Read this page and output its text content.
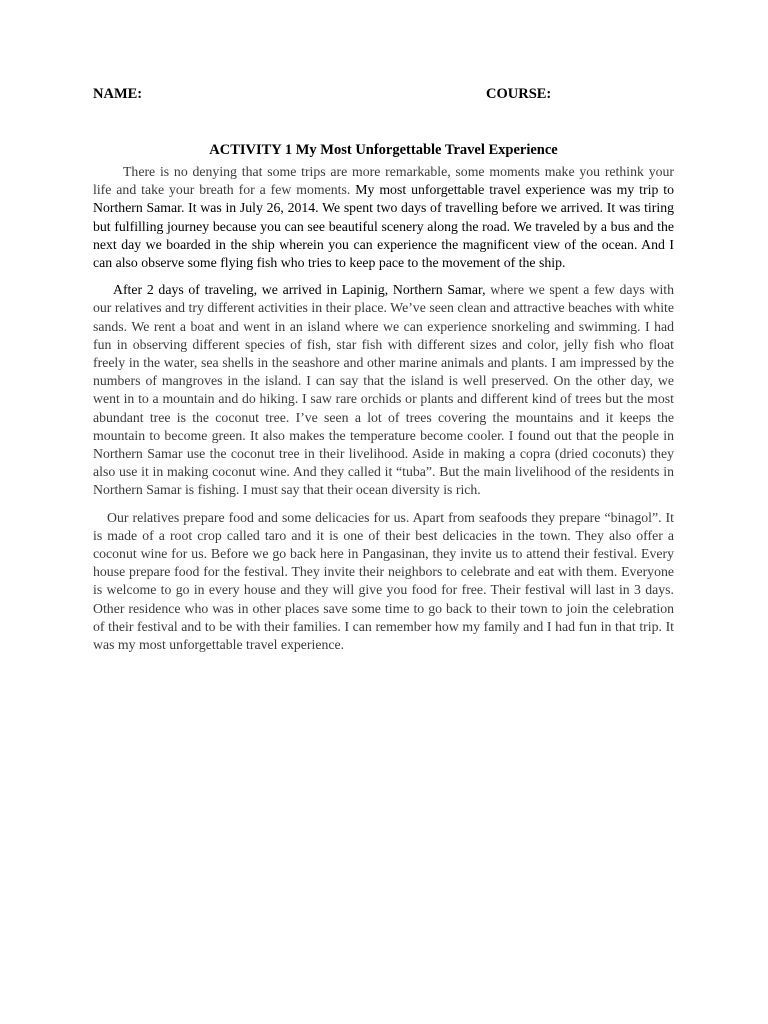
NAME:	COURSE:
ACTIVITY 1 My Most Unforgettable Travel Experience

There is no denying that some trips are more remarkable, some moments make you rethink your life and take your breath for a few moments. My most unforgettable travel experience was my trip to Northern Samar. It was in July 26, 2014. We spent two days of travelling before we arrived. It was tiring but fulfilling journey because you can see beautiful scenery along the road. We traveled by a bus and the next day we boarded in the ship wherein you can experience the magnificent view of the ocean. And I can also observe some flying fish who tries to keep pace to the movement of the ship.

After 2 days of traveling, we arrived in Lapinig, Northern Samar, where we spent a few days with our relatives and try different activities in their place. We’ve seen clean and attractive beaches with white sands. We rent a boat and went in an island where we can experience snorkeling and swimming. I had fun in observing different species of fish, star fish with different sizes and color, jelly fish who float freely in the water, sea shells in the seashore and other marine animals and plants. I am impressed by the numbers of mangroves in the island. I can say that the island is well preserved. On the other day, we went in to a mountain and do hiking. I saw rare orchids or plants and different kind of trees but the most abundant tree is the coconut tree. I’ve seen a lot of trees covering the mountains and it keeps the mountain to become green. It also makes the temperature become cooler. I found out that the people in Northern Samar use the coconut tree in their livelihood. Aside in making a copra (dried coconuts) they also use it in making coconut wine. And they called it “tuba”. But the main livelihood of the residents in Northern Samar is fishing. I must say that their ocean diversity is rich.

Our relatives prepare food and some delicacies for us. Apart from seafoods they prepare “binagol”. It is made of a root crop called taro and it is one of their best delicacies in the town. They also offer a coconut wine for us. Before we go back here in Pangasinan, they invite us to attend their festival. Every house prepare food for the festival. They invite their neighbors to celebrate and eat with them. Everyone is welcome to go in every house and they will give you food for free. Their festival will last in 3 days. Other residence who was in other places save some time to go back to their town to join the celebration of their festival and to be with their families. I can remember how my family and I had fun in that trip. It was my most unforgettable travel experience.
